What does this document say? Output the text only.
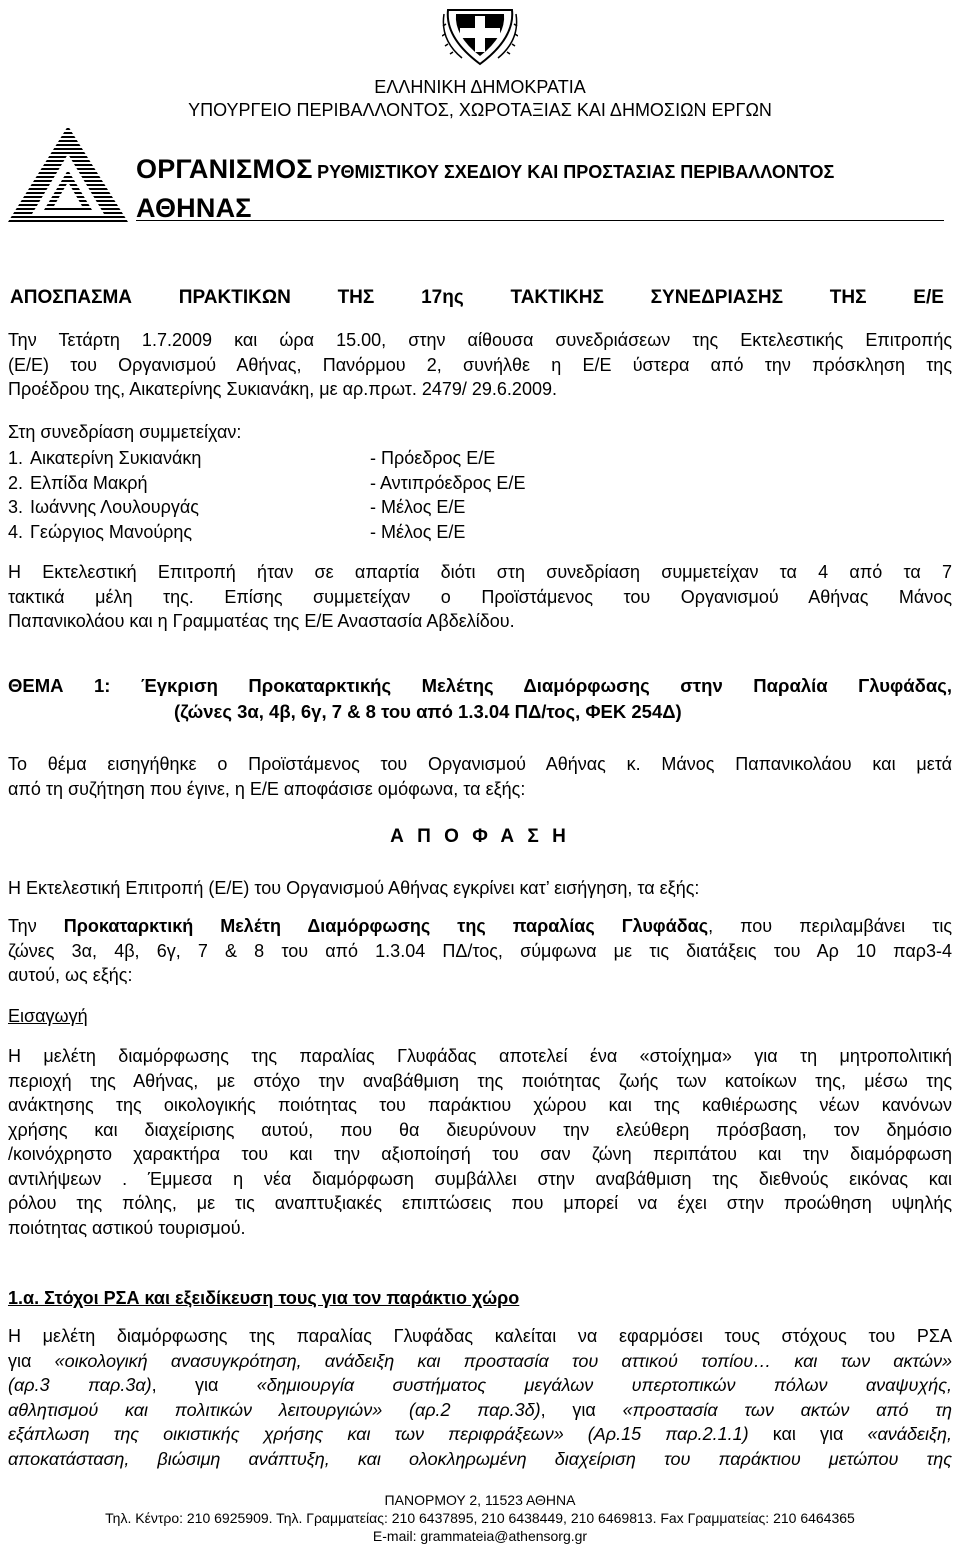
ΕΛΛΗΝΙΚΗ ΔΗΜΟΚΡΑΤΙΑ
ΥΠΟΥΡΓΕΙΟ ΠΕΡΙΒΑΛΛΟΝΤΟΣ, ΧΩΡΟΤΑΞΙΑΣ ΚΑΙ ΔΗΜΟΣΙΩΝ ΕΡΓΩΝ
ΟΡΓΑΝΙΣΜΟΣ ΡΥΘΜΙΣΤΙΚΟΥ ΣΧΕΔΙΟΥ ΚΑΙ ΠΡΟΣΤΑΣΙΑΣ ΠΕΡΙΒΑΛΛΟΝΤΟΣ
ΑΘΗΝΑΣ
ΑΠΟΣΠΑΣΜΑ ΠΡΑΚΤΙΚΩΝ ΤΗΣ 17ης ΤΑΚΤΙΚΗΣ ΣΥΝΕΔΡΙΑΣΗΣ ΤΗΣ Ε/Ε
Την Τετάρτη 1.7.2009 και ώρα 15.00, στην αίθουσα συνεδριάσεων της Εκτελεστικής Επιτροπής
(Ε/Ε) του Οργανισμού Αθήνας, Πανόρμου 2, συνήλθε η Ε/Ε ύστερα από την πρόσκληση της
Προέδρου της, Αικατερίνης Συκιανάκη, με αρ.πρωτ. 2479/ 29.6.2009.
Στη συνεδρίαση συμμετείχαν:
1. Αικατερίνη Συκιανάκη	- Πρόεδρος Ε/Ε
2. Ελπίδα Μακρή	- Αντιπρόεδρος Ε/Ε
3. Ιωάννης Λουλουργάς	- Μέλος Ε/Ε
4. Γεώργιος Μανούρης	- Μέλος Ε/Ε
Η Εκτελεστική Επιτροπή ήταν σε απαρτία διότι στη συνεδρίαση συμμετείχαν τα 4 από τα 7
τακτικά μέλη της. Επίσης συμμετείχαν ο Προϊστάμενος του Οργανισμού Αθήνας Μάνος
Παπανικολάου και η Γραμματέας της Ε/Ε Αναστασία Αβδελίδου.
ΘΕΜΑ 1: Έγκριση Προκαταρκτικής Μελέτης Διαμόρφωσης στην Παραλία Γλυφάδας,
(ζώνες 3α, 4β, 6γ, 7 & 8 του από 1.3.04 ΠΔ/τος, ΦΕΚ 254Δ)
Το θέμα εισηγήθηκε ο Προϊστάμενος του Οργανισμού Αθήνας κ. Μάνος Παπανικολάου και μετά
από τη συζήτηση που έγινε, η Ε/Ε αποφάσισε ομόφωνα, τα εξής:
Α Π Ο Φ Α Σ Η
Η Εκτελεστική Επιτροπή (Ε/Ε) του Οργανισμού Αθήνας εγκρίνει κατ’ εισήγηση, τα εξής:
Την Προκαταρκτική Μελέτη Διαμόρφωσης της παραλίας Γλυφάδας, που περιλαμβάνει τις
ζώνες 3α, 4β, 6γ, 7 & 8 του από 1.3.04 ΠΔ/τος, σύμφωνα με τις διατάξεις του Αρ 10 παρ3-4
αυτού, ως εξής:
Εισαγωγή
Η μελέτη διαμόρφωσης της παραλίας Γλυφάδας αποτελεί ένα «στοίχημα» για τη μητροπολιτική
περιοχή της Αθήνας, με στόχο την αναβάθμιση της ποιότητας ζωής των κατοίκων της, μέσω της
ανάκτησης της οικολογικής ποιότητας του παράκτιου χώρου και της καθιέρωσης νέων κανόνων
χρήσης και διαχείρισης αυτού, που θα διευρύνουν την ελεύθερη πρόσβαση, τον δημόσιο
/κοινόχρηστο χαρακτήρα του και την αξιοποίησή του σαν ζώνη περιπάτου και την διαμόρφωση
αντιλήψεων . Έμμεσα η νέα διαμόρφωση συμβάλλει στην αναβάθμιση της διεθνούς εικόνας και
ρόλου της πόλης, με τις αναπτυξιακές επιπτώσεις που μπορεί να έχει στην προώθηση υψηλής
ποιότητας αστικού τουρισμού.
1.α. Στόχοι ΡΣΑ και εξειδίκευση τους για τον παράκτιο χώρο
Η μελέτη διαμόρφωσης της παραλίας Γλυφάδας καλείται να εφαρμόσει τους στόχους του ΡΣΑ
για «οικολογική ανασυγκρότηση, ανάδειξη και προστασία του αττικού τοπίου… και των ακτών»
(αρ.3 παρ.3α), για «δημιουργία συστήματος μεγάλων υπερτοπικών πόλων αναψυχής,
αθλητισμού και πολιτικών λειτουργιών» (αρ.2 παρ.3δ), για «προστασία των ακτών από τη
εξάπλωση της οικιστικής χρήσης και των περιφράξεων» (Αρ.15 παρ.2.1.1) και για «ανάδειξη,
αποκατάσταση, βιώσιμη ανάπτυξη, και ολοκληρωμένη διαχείριση του παράκτιου μετώπου της
ΠΑΝΟΡΜΟΥ 2, 11523 ΑΘΗΝΑ
Τηλ. Κέντρο: 210 6925909. Τηλ. Γραμματείας: 210 6437895, 210 6438449, 210 6469813. Fax Γραμματείας: 210 6464365
E-mail: grammateia@athensorg.gr
